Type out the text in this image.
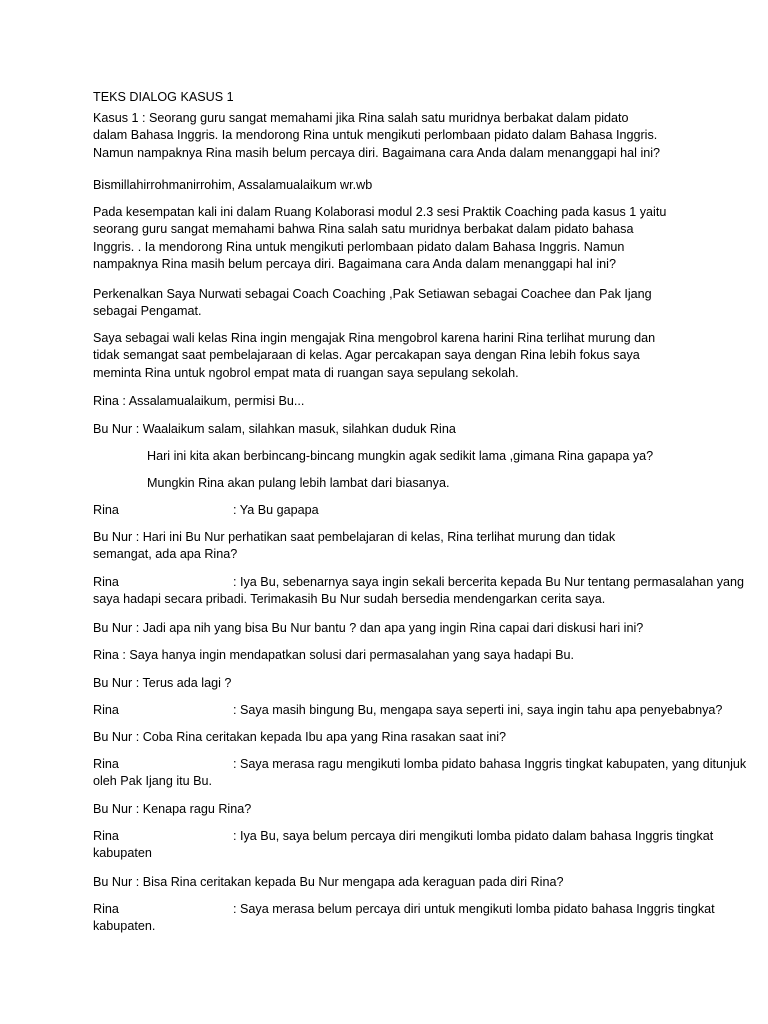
TEKS DIALOG KASUS 1
Kasus 1 : Seorang guru sangat memahami jika Rina salah satu muridnya berbakat dalam pidato
dalam Bahasa Inggris. Ia mendorong Rina untuk mengikuti perlombaan pidato dalam Bahasa Inggris.
Namun nampaknya Rina masih belum percaya diri. Bagaimana cara Anda dalam menanggapi hal ini?
Bismillahirrohmanirrohim, Assalamualaikum wr.wb
Pada kesempatan kali ini dalam Ruang Kolaborasi modul 2.3 sesi Praktik Coaching pada kasus 1 yaitu
seorang guru sangat memahami bahwa Rina salah satu muridnya berbakat dalam pidato bahasa
Inggris. . Ia mendorong Rina untuk mengikuti perlombaan pidato dalam Bahasa Inggris. Namun
nampaknya Rina masih belum percaya diri. Bagaimana cara Anda dalam menanggapi hal ini?
Perkenalkan Saya Nurwati sebagai Coach Coaching ,Pak Setiawan sebagai Coachee dan Pak Ijang
sebagai Pengamat.
Saya sebagai wali kelas Rina ingin mengajak Rina mengobrol karena harini Rina terlihat murung dan
tidak semangat saat pembelajaraan di kelas. Agar percakapan saya dengan Rina lebih fokus saya
meminta Rina untuk ngobrol empat mata di ruangan saya sepulang sekolah.
Rina : Assalamualaikum, permisi Bu...
Bu Nur : Waalaikum salam, silahkan masuk, silahkan duduk Rina
Hari ini kita akan berbincang-bincang mungkin agak sedikit lama ,gimana Rina gapapa ya?
Mungkin Rina akan pulang lebih lambat dari biasanya.
Rina	: Ya Bu gapapa
Bu Nur : Hari ini Bu Nur perhatikan saat pembelajaran di kelas, Rina terlihat murung dan tidak
semangat, ada apa Rina?
Rina	: Iya Bu, sebenarnya saya ingin sekali bercerita kepada Bu Nur tentang permasalahan yang
saya hadapi secara pribadi. Terimakasih Bu Nur sudah bersedia mendengarkan cerita saya.
Bu Nur : Jadi apa nih yang bisa Bu Nur bantu ? dan apa yang ingin Rina capai dari diskusi hari ini?
Rina : Saya hanya ingin mendapatkan solusi dari permasalahan yang saya hadapi Bu.
Bu Nur : Terus ada lagi ?
Rina	: Saya masih bingung Bu, mengapa saya seperti ini, saya ingin tahu apa penyebabnya?
Bu Nur : Coba Rina ceritakan kepada Ibu apa yang Rina rasakan saat ini?
Rina	: Saya merasa ragu mengikuti lomba pidato bahasa Inggris tingkat kabupaten, yang ditunjuk
oleh Pak Ijang itu Bu.
Bu Nur : Kenapa ragu Rina?
Rina	: Iya Bu, saya belum percaya diri mengikuti lomba pidato dalam bahasa Inggris tingkat
kabupaten
Bu Nur : Bisa Rina ceritakan kepada Bu Nur mengapa ada keraguan pada diri Rina?
Rina	: Saya merasa belum percaya diri untuk mengikuti lomba pidato bahasa Inggris tingkat
kabupaten.
